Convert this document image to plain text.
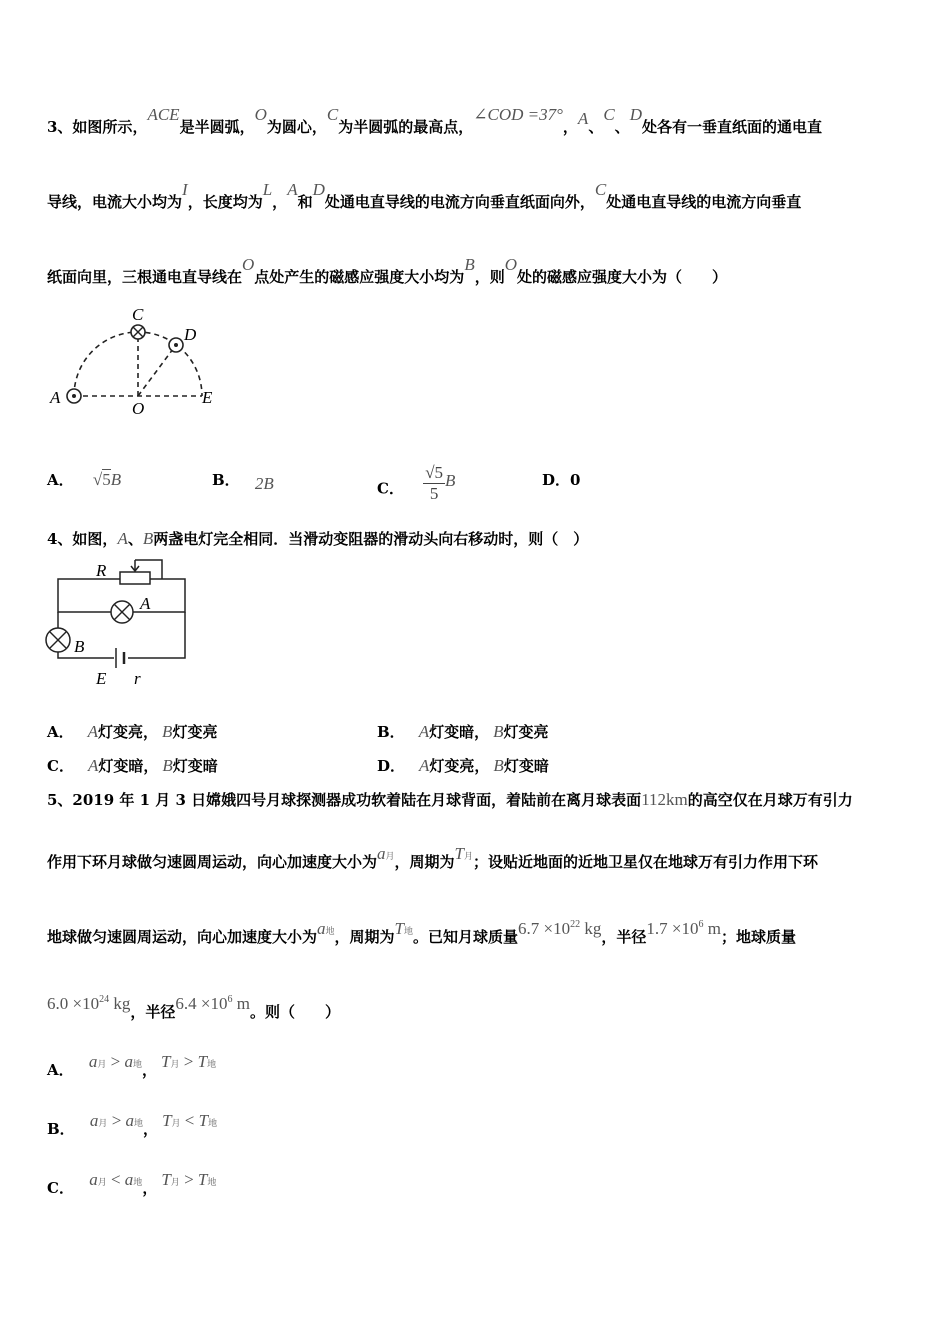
3、如图所示，ACE是半圆弧，O为圆心，C为半圆弧的最高点，∠COD =37°，A、C、D处各有一垂直纸面的通电直
导线，电流大小均为I，长度均为L，A和D处通电直导线的电流方向垂直纸面向外，C处通电直导线的电流方向垂直
纸面向里，三根通电直导线在O点处产生的磁感应强度大小均为B，则O处的磁感应强度大小为（　　）
C
D
A
O
E
A． √5B	B． 2B	C． $\frac{√5}{5}$ B	D．0
4、如图，A、B两盏电灯完全相同．当滑动变阻器的滑动头向右移动时，则（　）
R
A
B
E r
A． A灯变亮， B灯变亮	B． A灯变暗， B灯变亮
C． A灯变暗， B灯变暗	D． A灯变亮， B灯变暗
5、2019 年 1 月 3 日嫦娥四号月球探测器成功软着陆在月球背面，着陆前在离月球表面112km的高空仅在月球万有引力
作用下环月球做匀速圆周运动，向心加速度大小为a月，周期为T月；设贴近地面的近地卫星仅在地球万有引力作用下环
地球做匀速圆周运动，向心加速度大小为a地，周期为T地。已知月球质量$6.7 \times 10^{22}$ kg，半径$1.7 \times 10^6$ m；地球质量
$6.0 \times 10^{24}$ kg，半径$6.4 \times 10^6$ m。则（　　）
A． a月 > a地， T月 > T地
B． a月 > a地， T月 < T地
C． a月 < a地， T月 > T地
